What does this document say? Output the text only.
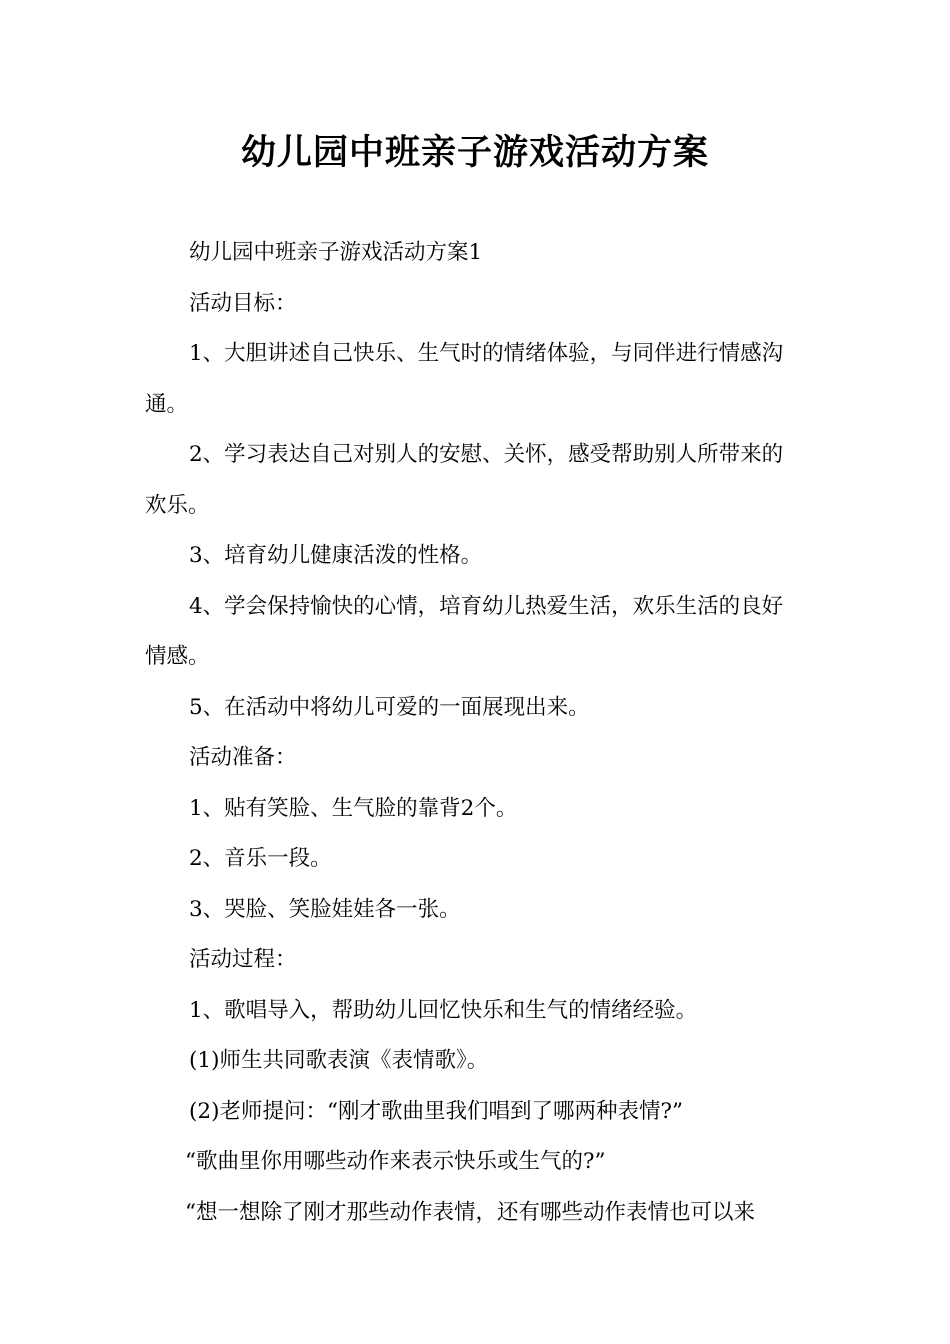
幼儿园中班亲子游戏活动方案

幼儿园中班亲子游戏活动方案1

活动目标：

1、大胆讲述自己快乐、生气时的情绪体验，与同伴进行情感沟

通。

2、学习表达自己对别人的安慰、关怀，感受帮助别人所带来的

欢乐。

3、培育幼儿健康活泼的性格。

4、学会保持愉快的心情，培育幼儿热爱生活，欢乐生活的良好

情感。

5、在活动中将幼儿可爱的一面展现出来。

活动准备：

1、贴有笑脸、生气脸的靠背2个。

2、音乐一段。

3、哭脸、笑脸娃娃各一张。

活动过程：

1、歌唱导入，帮助幼儿回忆快乐和生气的情绪经验。

(1)师生共同歌表演《表情歌》。

(2)老师提问：“刚才歌曲里我们唱到了哪两种表情?”

“歌曲里你用哪些动作来表示快乐或生气的?”

“想一想除了刚才那些动作表情，还有哪些动作表情也可以来
